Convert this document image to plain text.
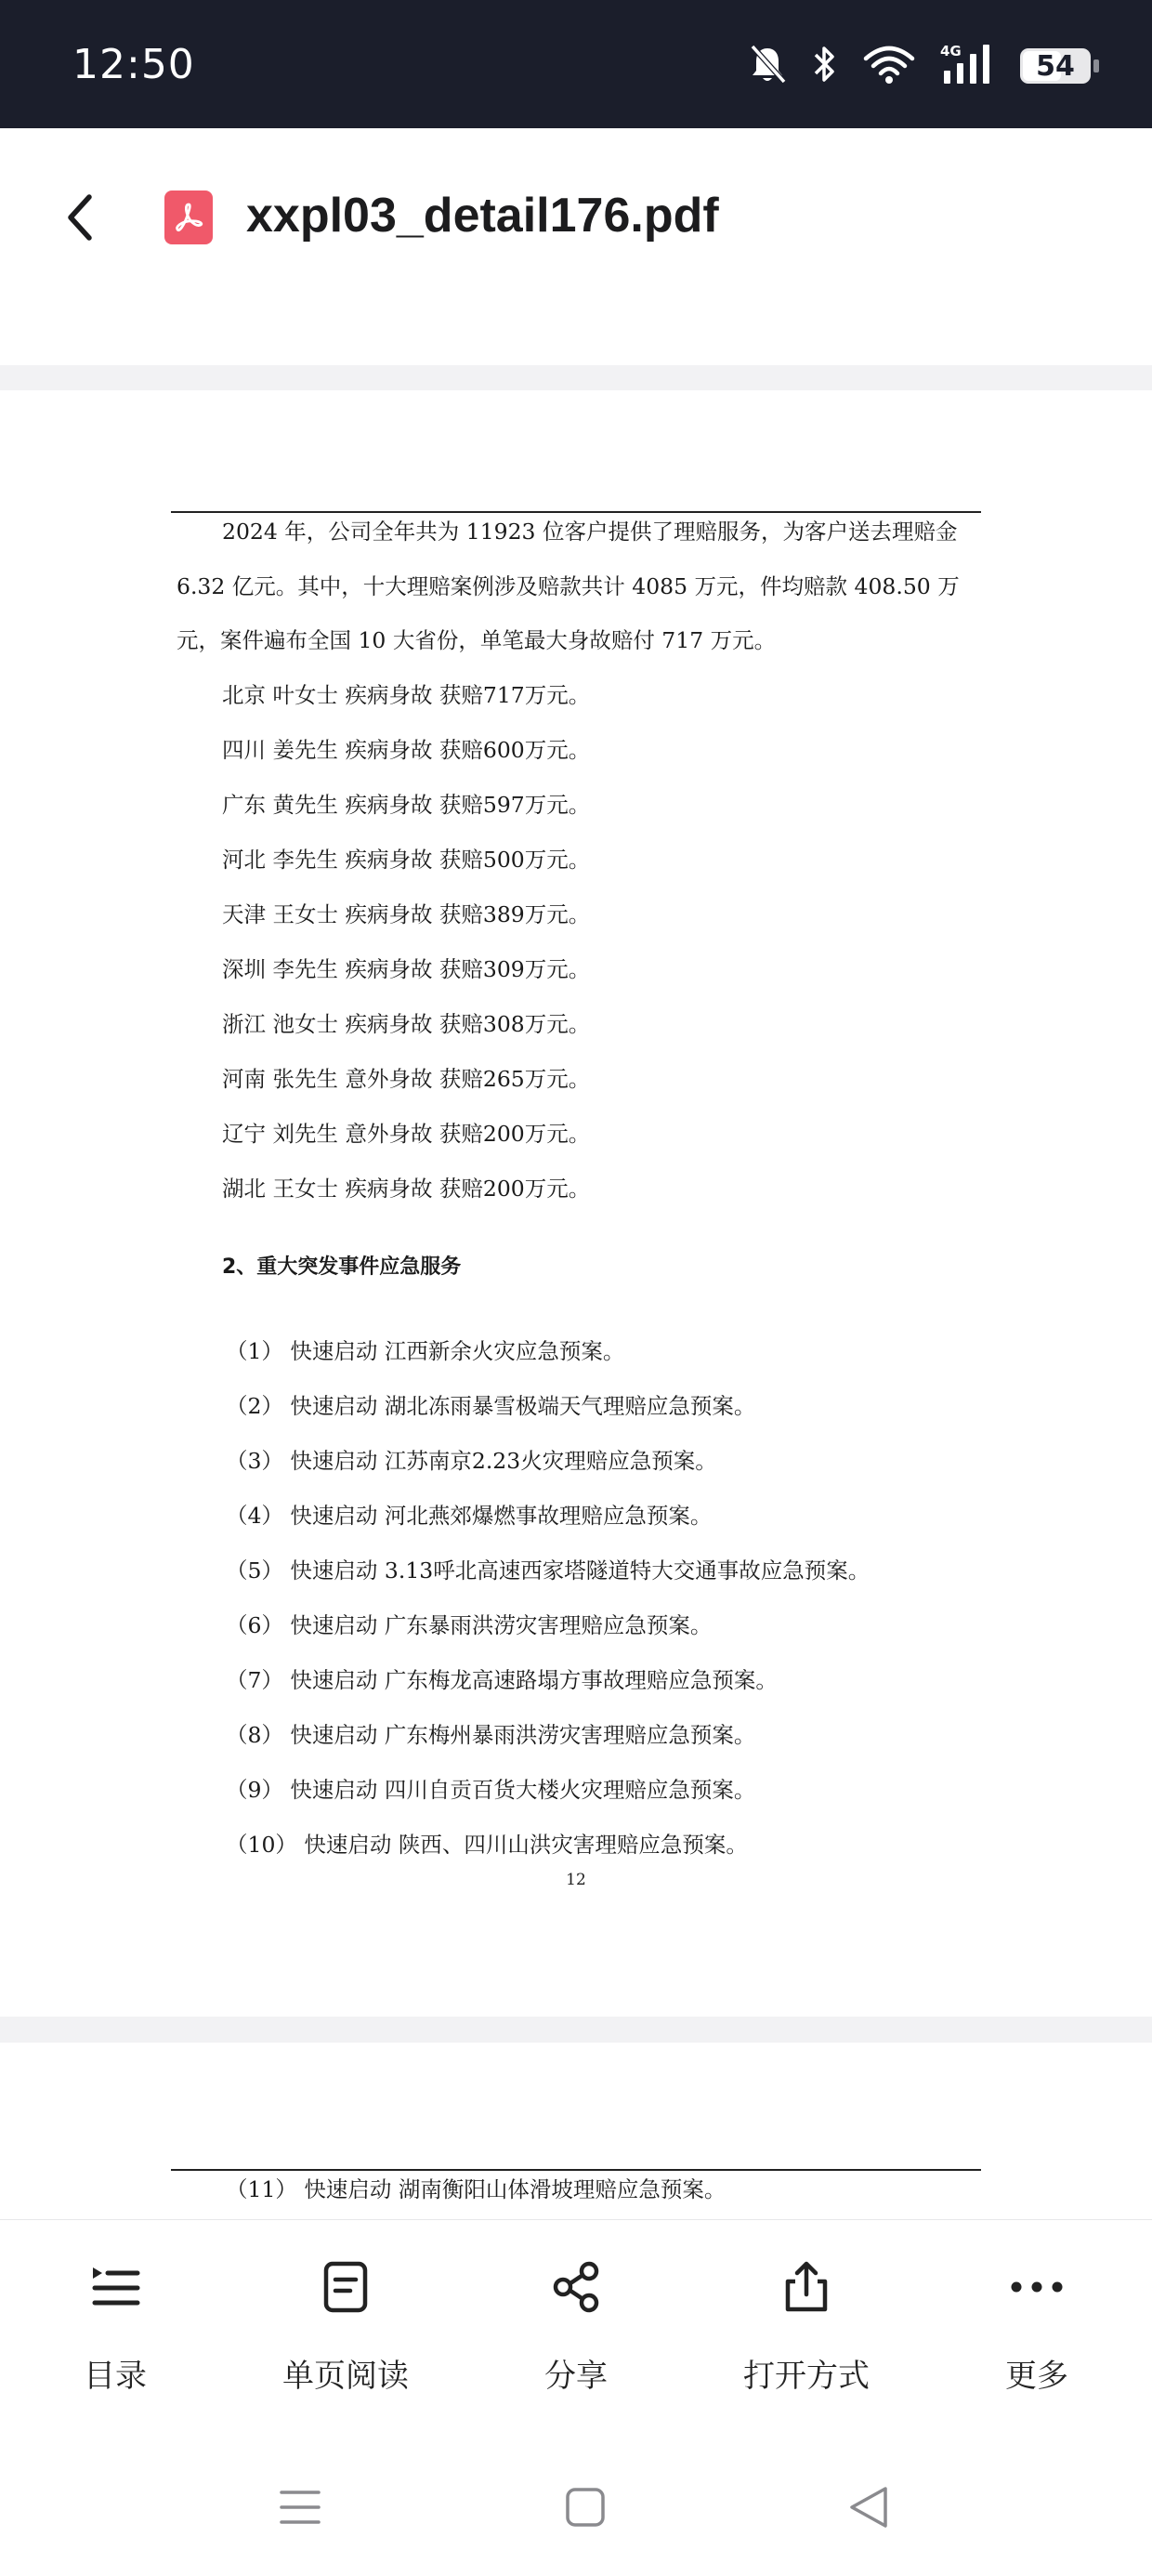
12:50	4G	54
xxpl03_detail176.pdf
2024 年，公司全年共为 11923 位客户提供了理赔服务，为客户送去理赔金
6.32 亿元。其中，十大理赔案例涉及赔款共计 4085 万元，件均赔款 408.50 万
元，案件遍布全国 10 大省份，单笔最大身故赔付 717 万元。
北京 叶女士 疾病身故 获赔717万元。
四川 姜先生 疾病身故 获赔600万元。
广东 黄先生 疾病身故 获赔597万元。
河北 李先生 疾病身故 获赔500万元。
天津 王女士 疾病身故 获赔389万元。
深圳 李先生 疾病身故 获赔309万元。
浙江 池女士 疾病身故 获赔308万元。
河南 张先生 意外身故 获赔265万元。
辽宁 刘先生 意外身故 获赔200万元。
湖北 王女士 疾病身故 获赔200万元。
2、重大突发事件应急服务
（1） 快速启动 江西新余火灾应急预案。
（2） 快速启动 湖北冻雨暴雪极端天气理赔应急预案。
（3） 快速启动 江苏南京2.23火灾理赔应急预案。
（4） 快速启动 河北燕郊爆燃事故理赔应急预案。
（5） 快速启动 3.13呼北高速西家塔隧道特大交通事故应急预案。
（6） 快速启动 广东暴雨洪涝灾害理赔应急预案。
（7） 快速启动 广东梅龙高速路塌方事故理赔应急预案。
（8） 快速启动 广东梅州暴雨洪涝灾害理赔应急预案。
（9） 快速启动 四川自贡百货大楼火灾理赔应急预案。
（10） 快速启动 陕西、四川山洪灾害理赔应急预案。
12
（11） 快速启动 湖南衡阳山体滑坡理赔应急预案。
目录	单页阅读	分享	打开方式	更多
